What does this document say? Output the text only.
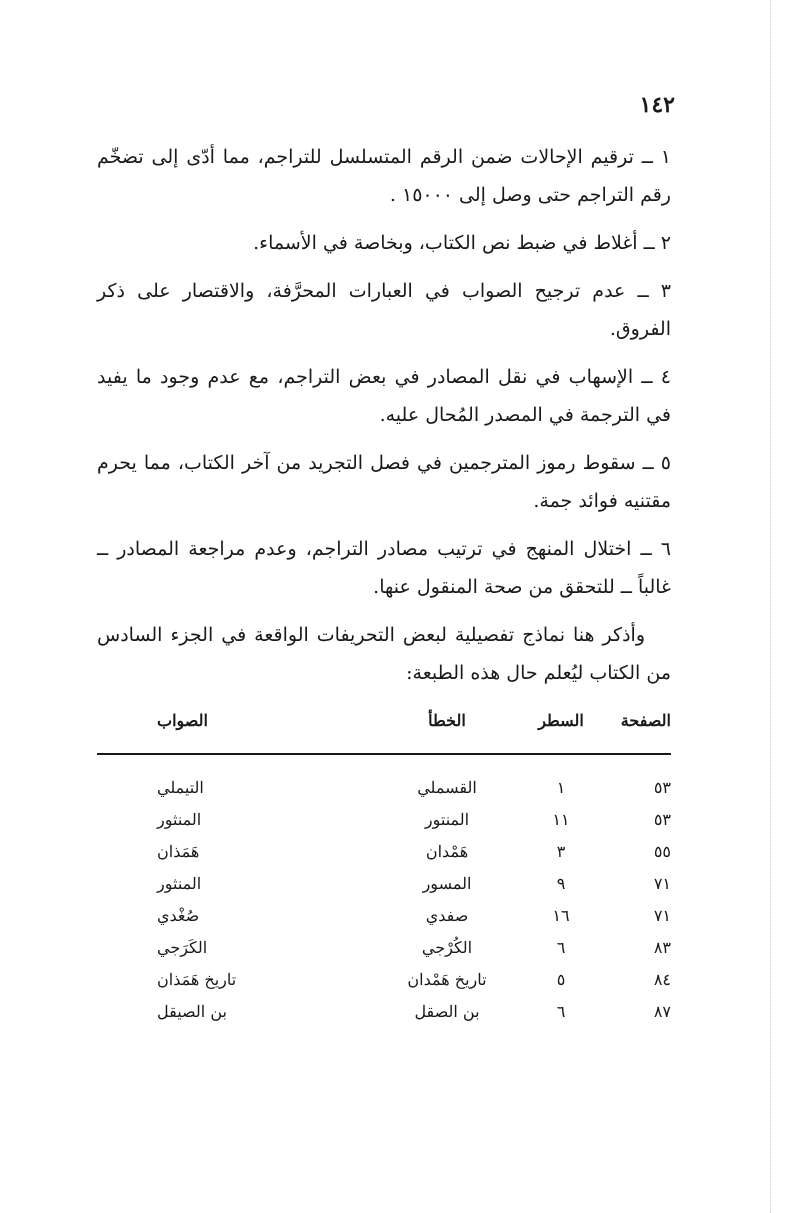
١٤٢

١ ــ ترقيم الإحالات ضمن الرقم المتسلسل للتراجم، مما أدّى إلى تضخّم رقم التراجم حتى وصل إلى ١٥٠٠٠ .

٢ ــ أغلاط في ضبط نص الكتاب، وبخاصة في الأسماء.

٣ ــ عدم ترجيح الصواب في العبارات المحرَّفة، والاقتصار على ذكر الفروق.

٤ ــ الإسهاب في نقل المصادر في بعض التراجم، مع عدم وجود ما يفيد في الترجمة في المصدر المُحال عليه.

٥ ــ سقوط رموز المترجمين في فصل التجريد من آخر الكتاب، مما يحرم مقتنيه فوائد جمة.

٦ ــ اختلال المنهج في ترتيب مصادر التراجم، وعدم مراجعة المصادر ــ غالباً ــ للتحقق من صحة المنقول عنها.

وأذكر هنا نماذج تفصيلية لبعض التحريفات الواقعة في الجزء السادس من الكتاب ليُعلم حال هذه الطبعة:

الصفحة
السطر
الخطأ
الصواب
٥٣
١
القسملي
التيملي
٥٣
١١
المنتور
المنثور
٥٥
٣
هَمْدان
هَمَذان
٧١
٩
المسور
المنثور
٧١
١٦
صفدي
صُغْدي
٨٣
٦
الكُرْجي
الكَرَجي
٨٤
٥
تاريخ هَمْدان
تاريخ هَمَذان
٨٧
٦
بن الصقل
بن الصيقل
